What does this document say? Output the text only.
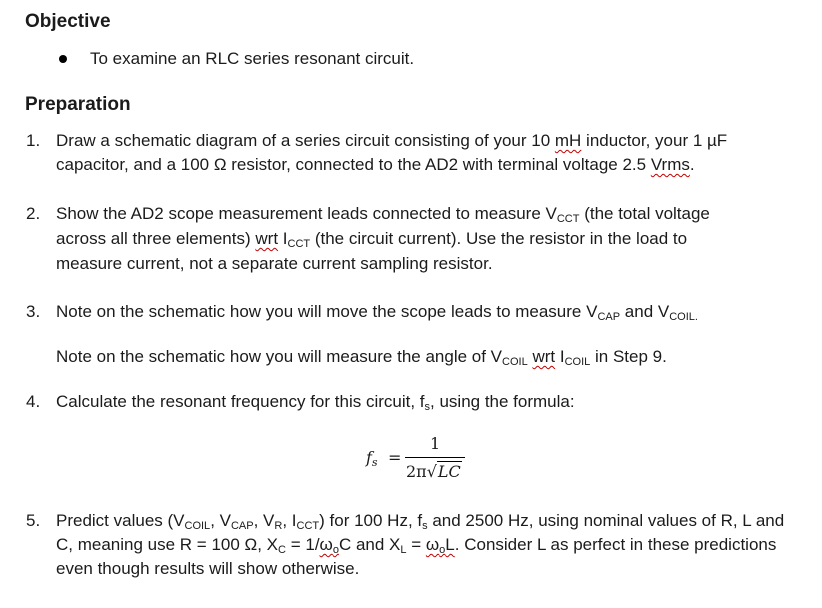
Objective
To examine an RLC series resonant circuit.
Preparation
1. Draw a schematic diagram of a series circuit consisting of your 10 mH inductor, your 1 µF
capacitor, and a 100 Ω resistor, connected to the AD2 with terminal voltage 2.5 Vrms.
2. Show the AD2 scope measurement leads connected to measure $V_{CCT}$ (the total voltage
across all three elements) wrt $I_{CCT}$ (the circuit current). Use the resistor in the load to
measure current, not a separate current sampling resistor.
3. Note on the schematic how you will move the scope leads to measure $V_{CAP}$ and $V_{COIL.}$
Note on the schematic how you will measure the angle of $V_{COIL}$ wrt $I_{COIL}$ in Step 9.
4. Calculate the resonant frequency for this circuit, $f_s$, using the formula:
$f_s$ =
1
2π√LC
5. Predict values ($V_{COIL}$, $V_{CAP}$, $V_R$, $I_{CCT}$) for 100 Hz, $f_s$ and 2500 Hz, using nominal values of R, L and
C, meaning use R = 100 Ω, $X_C = 1/\omega_oC$ and $X_L = \omega_oL$. Consider L as perfect in these predictions
even though results will show otherwise.
